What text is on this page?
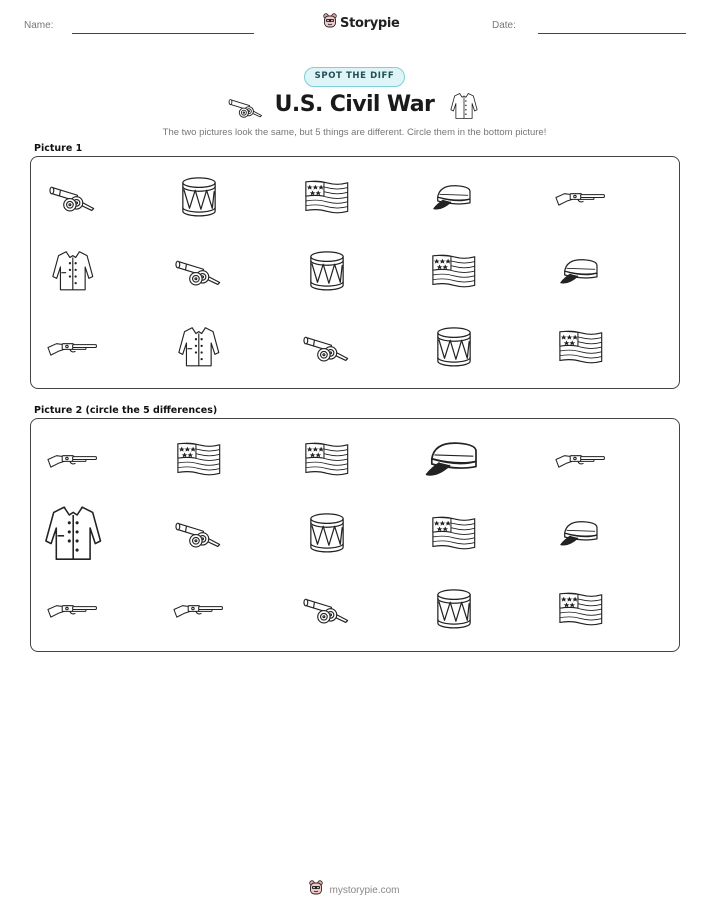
Name:	Storypie	Date:
SPOT THE DIFF
U.S. Civil War
The two pictures look the same, but 5 things are different. Circle them in the bottom picture!
Picture 1
Picture 2 (circle the 5 differences)
mystorypie.com
